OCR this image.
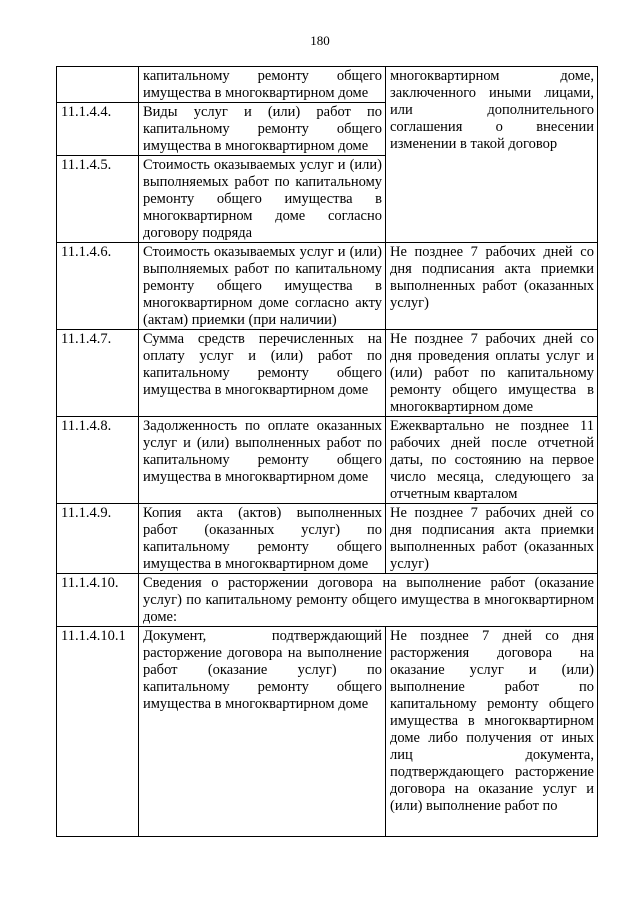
180
	капитальному ремонту общего имущества в многоквартирном доме	многоквартирном доме, заключенного иными лицами, или дополнительного соглашения о внесении изменении в такой договор
11.1.4.4.	Виды услуг и (или) работ по капитальному ремонту общего имущества в многоквартирном доме	
11.1.4.5.	Стоимость оказываемых услуг и (или) выполняемых работ по капитальному ремонту общего имущества в многоквартирном доме согласно договору подряда	
11.1.4.6.	Стоимость оказываемых услуг и (или) выполняемых работ по капитальному ремонту общего имущества в многоквартирном доме согласно акту (актам) приемки (при наличии)	Не позднее 7 рабочих дней со дня подписания акта приемки выполненных работ (оказанных услуг)
11.1.4.7.	Сумма средств перечисленных на оплату услуг и (или) работ по капитальному ремонту общего имущества в многоквартирном доме	Не позднее 7 рабочих дней со дня проведения оплаты услуг и (или) работ по капитальному ремонту общего имущества в многоквартирном доме
11.1.4.8.	Задолженность по оплате оказанных услуг и (или) выполненных работ по капитальному ремонту общего имущества в многоквартирном доме	Ежеквартально не позднее 11 рабочих дней после отчетной даты, по состоянию на первое число месяца, следующего за отчетным кварталом
11.1.4.9.	Копия акта (актов) выполненных работ (оказанных услуг) по капитальному ремонту общего имущества в многоквартирном доме	Не позднее 7 рабочих дней со дня подписания акта приемки выполненных работ (оказанных услуг)
11.1.4.10.	Сведения о расторжении договора на выполнение работ (оказание услуг) по капитальному ремонту общего имущества в многоквартирном доме:	
11.1.4.10.1	Документ, подтверждающий расторжение договора на выполнение работ (оказание услуг) по капитальному ремонту общего имущества в многоквартирном доме	Не позднее 7 дней со дня расторжения договора на оказание услуг и (или) выполнение работ по капитальному ремонту общего имущества в многоквартирном доме либо получения от иных лиц документа, подтверждающего расторжение договора на оказание услуг и (или) выполнение работ по
